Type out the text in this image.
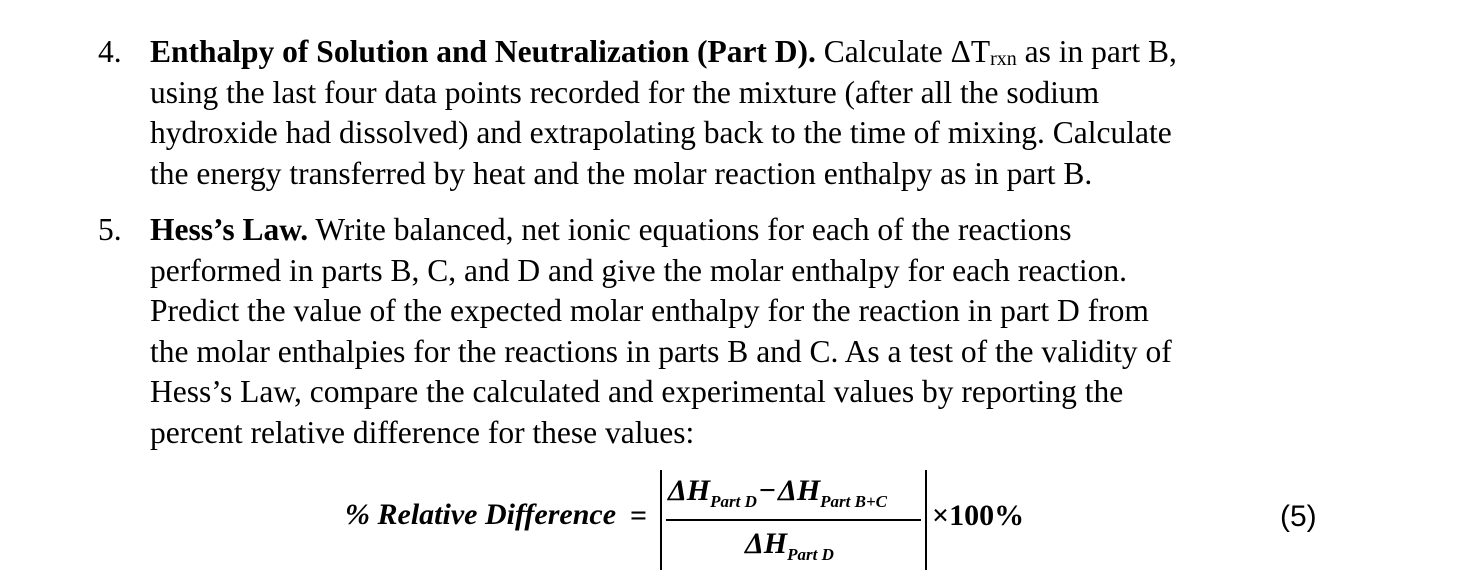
4. Enthalpy of Solution and Neutralization (Part D). Calculate $\Delta T_{rxn}$ as in part B,
using the last four data points recorded for the mixture (after all the sodium
hydroxide had dissolved) and extrapolating back to the time of mixing. Calculate
the energy transferred by heat and the molar reaction enthalpy as in part B.
5. Hess’s Law. Write balanced, net ionic equations for each of the reactions
performed in parts B, C, and D and give the molar enthalpy for each reaction.
Predict the value of the expected molar enthalpy for the reaction in part D from
the molar enthalpies for the reactions in parts B and C. As a test of the validity of
Hess’s Law, compare the calculated and experimental values by reporting the
percent relative difference for these values:
% Relative Difference =
$\Delta H_{Part D}-\Delta H_{Part B+C}$
$\Delta H_{Part D}$
×100%	(5)
